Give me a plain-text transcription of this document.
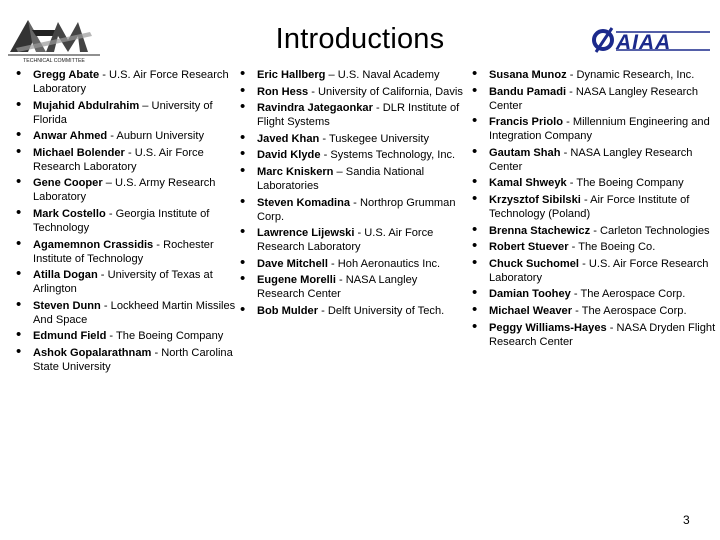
TECHNICAL COMMITTEE
Introductions	AIAA
• Gregg Abate - U.S. Air Force Research Laboratory
• Mujahid Abdulrahim – University of Florida
• Anwar Ahmed - Auburn University
• Michael Bolender - U.S. Air Force Research Laboratory
• Gene Cooper – U.S. Army Research Laboratory
• Mark Costello - Georgia Institute of Technology
• Agamemnon Crassidis - Rochester Institute of Technology
• Atilla Dogan - University of Texas at Arlington
• Steven Dunn - Lockheed Martin Missiles And Space
• Edmund Field - The Boeing Company
• Ashok Gopalarathnam - North Carolina State University
• Eric Hallberg – U.S. Naval Academy
• Ron Hess - University of California, Davis
• Ravindra Jategaonkar - DLR Institute of Flight Systems
• Javed Khan - Tuskegee University
• David Klyde - Systems Technology, Inc.
• Marc Kniskern – Sandia National Laboratories
• Steven Komadina - Northrop Grumman Corp.
• Lawrence Lijewski - U.S. Air Force Research Laboratory
• Dave Mitchell - Hoh Aeronautics Inc.
• Eugene Morelli - NASA Langley Research Center
• Bob Mulder - Delft University of Tech.
• Susana Munoz - Dynamic Research, Inc.
• Bandu Pamadi - NASA Langley Research Center
• Francis Priolo - Millennium Engineering and Integration Company
• Gautam Shah - NASA Langley Research Center
• Kamal Shweyk - The Boeing Company
• Krzysztof Sibilski - Air Force Institute of Technology (Poland)
• Brenna Stachewicz - Carleton Technologies
• Robert Stuever - The Boeing Co.
• Chuck Suchomel - U.S. Air Force Research Laboratory
• Damian Toohey - The Aerospace Corp.
• Michael Weaver - The Aerospace Corp.
• Peggy Williams-Hayes - NASA Dryden Flight Research Center
3
